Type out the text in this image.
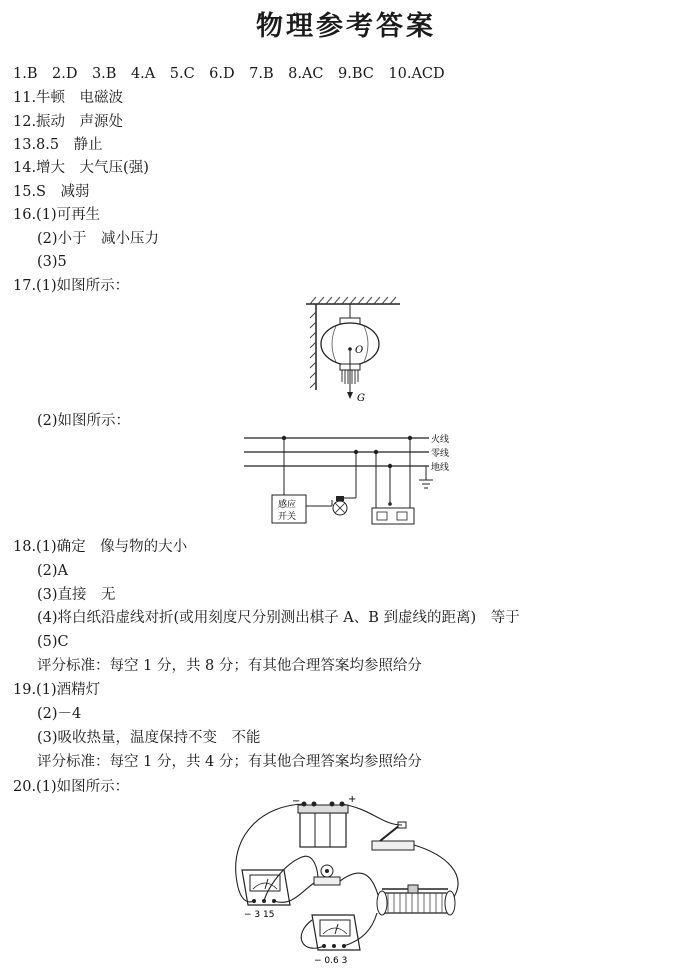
物理参考答案
1.B　2.D　3.B　4.A　5.C　6.D　7.B　8.AC　9.BC　10.ACD
11.牛顿　电磁波
12.振动　声源处
13.8.5　静止
14.增大　大气压(强)
15.S　减弱
16.(1)可再生
(2)小于　减小压力
(3)5
17.(1)如图所示：
O
G
(2)如图所示：
火线
零线
地线
感应
开关
18.(1)确定　像与物的大小
(2)A
(3)直接　无
(4)将白纸沿虚线对折(或用刻度尺分别测出棋子 A、B 到虚线的距离)　等于
(5)C
评分标准：每空 1 分，共 8 分；有其他合理答案均参照给分
19.(1)酒精灯
(2)－4
(3)吸收热量，温度保持不变　不能
评分标准：每空 1 分，共 4 分；有其他合理答案均参照给分
20.(1)如图所示：
−	+
− 3 15
− 0.6 3
